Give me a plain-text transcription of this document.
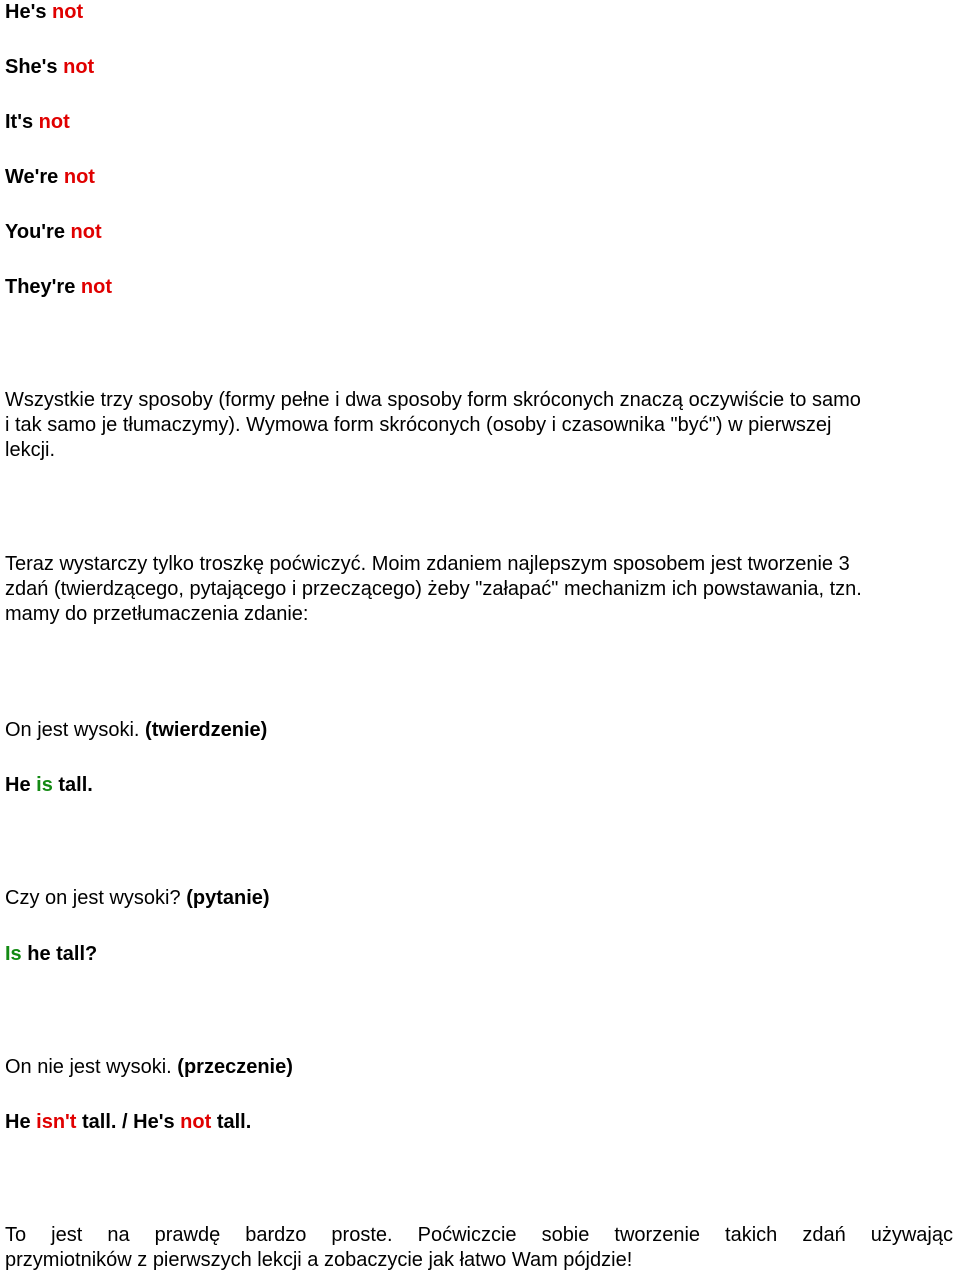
He's not
She's not
It's not
We're not
You're not
They're not
Wszystkie trzy sposoby (formy pełne i dwa sposoby form skróconych znaczą oczywiście to samo
i tak samo je tłumaczymy). Wymowa form skróconych (osoby i czasownika "być") w pierwszej
lekcji.
Teraz wystarczy tylko troszkę poćwiczyć. Moim zdaniem najlepszym sposobem jest tworzenie 3
zdań (twierdzącego, pytającego i przeczącego) żeby "załapać" mechanizm ich powstawania, tzn.
mamy do przetłumaczenia zdanie:
On jest wysoki. (twierdzenie)
He is tall.
Czy on jest wysoki? (pytanie)
Is he tall?
On nie jest wysoki. (przeczenie)
He isn't tall. / He's not tall.
To jest na prawdę bardzo proste. Poćwiczcie sobie tworzenie takich zdań używając
przymiotników z pierwszych lekcji a zobaczycie jak łatwo Wam pójdzie!
